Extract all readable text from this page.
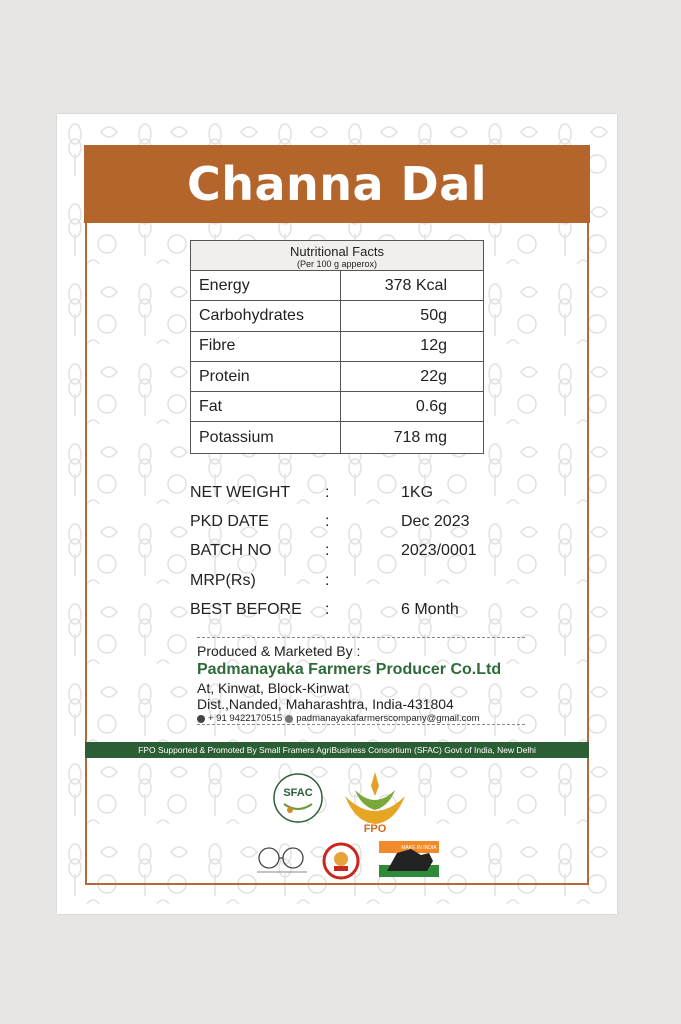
Channa Dal
Nutritional Facts
(Per 100 g apperox)
Energy	378 Kcal
Carbohydrates	50g
Fibre	12g
Protein	22g
Fat	0.6g
Potassium	718 mg
NET WEIGHT	:	1KG
PKD DATE	:	Dec 2023
BATCH NO	:	2023/0001
MRP(Rs)	:
BEST BEFORE	:	6 Month
Produced & Marketed By :
Padmanayaka Farmers Producer Co.Ltd
At, Kinwat, Block-Kinwat
Dist.,Nanded, Maharashtra, India-431804
+ 91 9422170515 padmanayakafarmerscompany@gmail.com
FPO Supported & Promoted By Small Framers AgriBusiness Consortium (SFAC) Govt of India, New Delhi
SFAC
FPO
MAKE IN INDIA
